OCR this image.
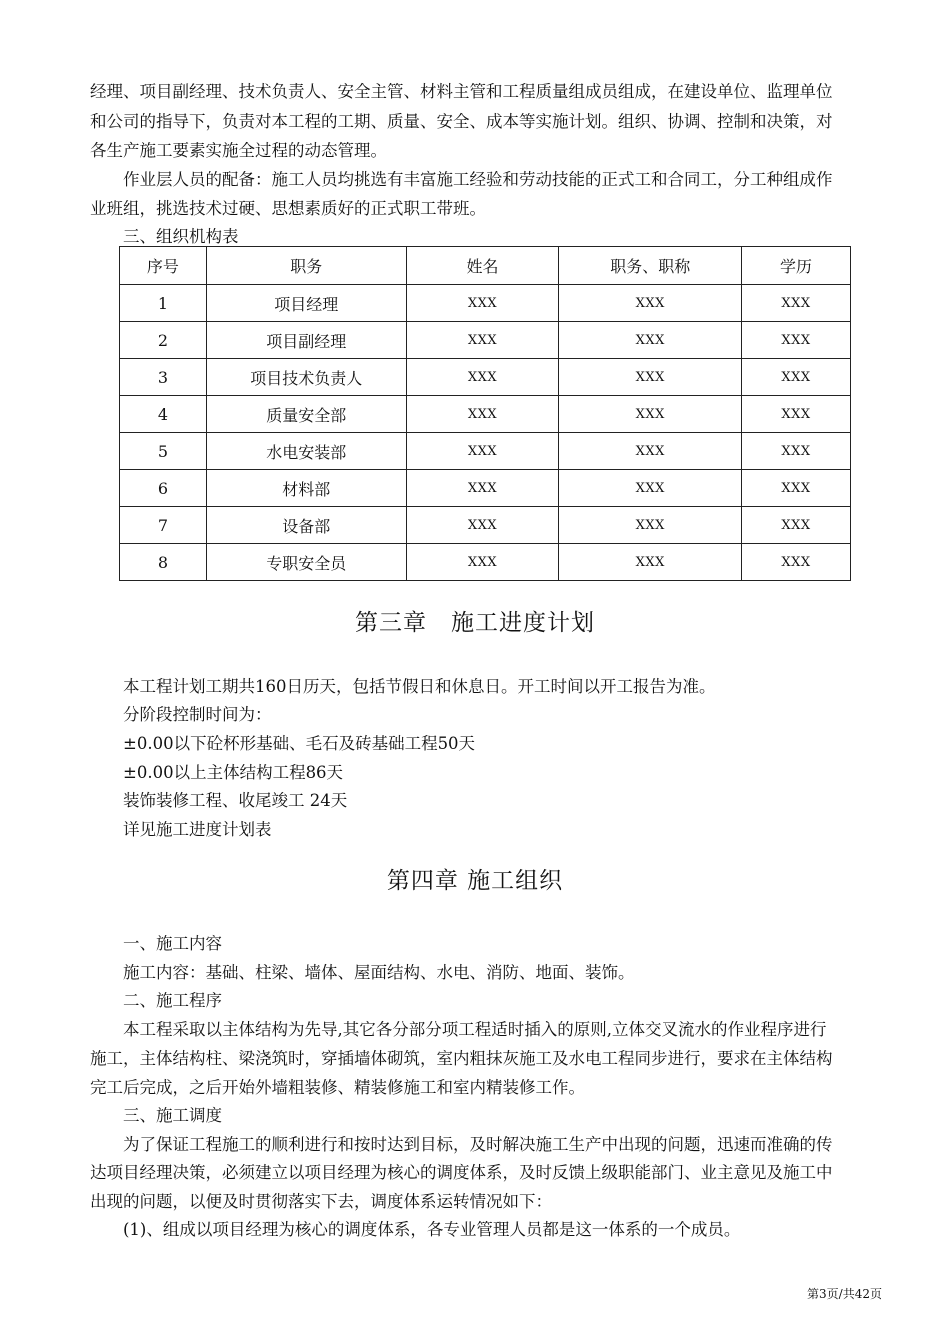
经理、项目副经理、技术负责人、安全主管、材料主管和工程质量组成员组成，在建设单位、监理单位
和公司的指导下，负责对本工程的工期、质量、安全、成本等实施计划。组织、协调、控制和决策，对
各生产施工要素实施全过程的动态管理。
作业层人员的配备：施工人员均挑选有丰富施工经验和劳动技能的正式工和合同工，分工种组成作
业班组，挑选技术过硬、思想素质好的正式职工带班。
三、组织机构表
序号	职务	姓名	职务、职称	学历
1	项目经理	XXX	XXX	XXX
2	项目副经理	XXX	XXX	XXX
3	项目技术负责人	XXX	XXX	XXX
4	质量安全部	XXX	XXX	XXX
5	水电安装部	XXX	XXX	XXX
6	材料部	XXX	XXX	XXX
7	设备部	XXX	XXX	XXX
8	专职安全员	XXX	XXX	XXX
第三章　施工进度计划
本工程计划工期共160日历天，包括节假日和休息日。开工时间以开工报告为准。
分阶段控制时间为：
±0.00以下砼杯形基础、毛石及砖基础工程50天
±0.00以上主体结构工程86天
装饰装修工程、收尾竣工 24天
详见施工进度计划表
第四章 施工组织
一、施工内容
施工内容：基础、柱梁、墙体、屋面结构、水电、消防、地面、装饰。
二、施工程序
本工程采取以主体结构为先导,其它各分部分项工程适时插入的原则,立体交叉流水的作业程序进行
施工，主体结构柱、梁浇筑时，穿插墙体砌筑，室内粗抹灰施工及水电工程同步进行，要求在主体结构
完工后完成，之后开始外墙粗装修、精装修施工和室内精装修工作。
三、施工调度
为了保证工程施工的顺利进行和按时达到目标，及时解决施工生产中出现的问题，迅速而准确的传
达项目经理决策，必须建立以项目经理为核心的调度体系，及时反馈上级职能部门、业主意见及施工中
出现的问题，以便及时贯彻落实下去，调度体系运转情况如下：
(1)、组成以项目经理为核心的调度体系，各专业管理人员都是这一体系的一个成员。
第3页/共42页
